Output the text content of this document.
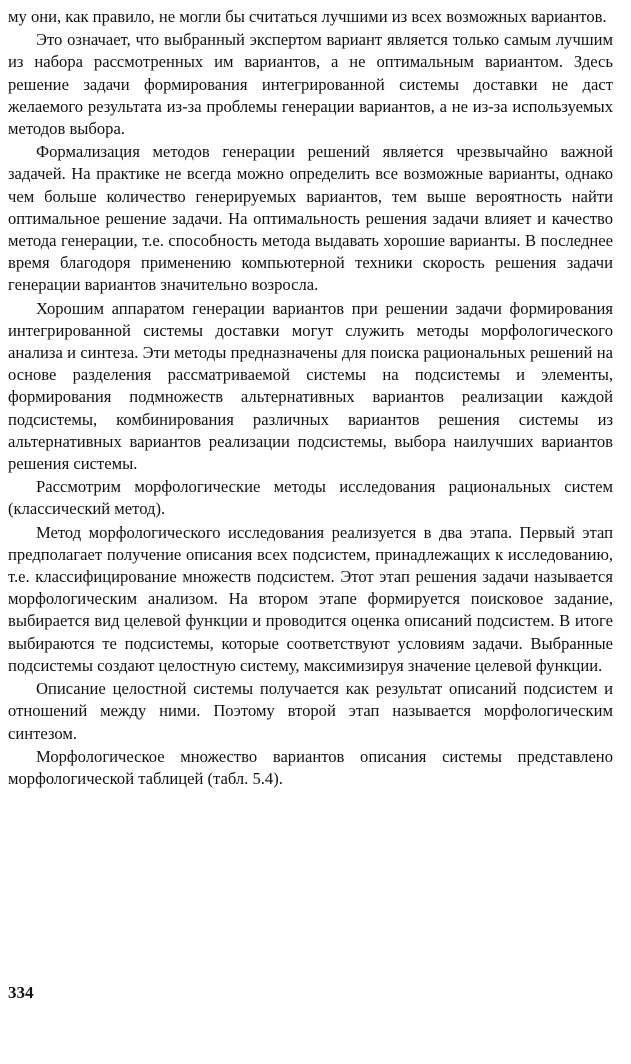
му они, как правило, не могли бы считаться лучшими из всех возможных вариантов.

Это означает, что выбранный экспертом вариант является только самым лучшим из набора рассмотренных им вариантов, а не оптимальным вариантом. Здесь решение задачи формирования интегрированной системы доставки не даст желаемого результата из-за проблемы генерации вариантов, а не из-за используемых методов выбора.

Формализация методов генерации решений является чрезвычайно важной задачей. На практике не всегда можно определить все возможные варианты, однако чем больше количество генерируемых вариантов, тем выше вероятность найти оптимальное решение задачи. На оптимальность решения задачи влияет и качество метода генерации, т.е. способность метода выдавать хорошие варианты. В последнее время благодоря применению компьютерной техники скорость решения задачи генерации вариантов значительно возросла.

Хорошим аппаратом генерации вариантов при решении задачи формирования интегрированной системы доставки могут служить методы морфологического анализа и синтеза. Эти методы предназначены для поиска рациональных решений на основе разделения рассматриваемой системы на подсистемы и элементы, формирования подмножеств альтернативных вариантов реализации каждой подсистемы, комбинирования различных вариантов решения системы из альтернативных вариантов реализации подсистемы, выбора наилучших вариантов решения системы.

Рассмотрим морфологические методы исследования рациональных систем (классический метод).

Метод морфологического исследования реализуется в два этапа. Первый этап предполагает получение описания всех подсистем, принадлежащих к исследованию, т.е. классифицирование множеств подсистем. Этот этап решения задачи называется морфологическим анализом. На втором этапе формируется поисковое задание, выбирается вид целевой функции и проводится оценка описаний подсистем. В итоге выбираются те подсистемы, которые соответствуют условиям задачи. Выбранные подсистемы создают целостную систему, максимизируя значение целевой функции.

Описание целостной системы получается как результат описаний подсистем и отношений между ними. Поэтому второй этап называется морфологическим синтезом.

Морфологическое множество вариантов описания системы представлено морфологической таблицей (табл. 5.4).

334
